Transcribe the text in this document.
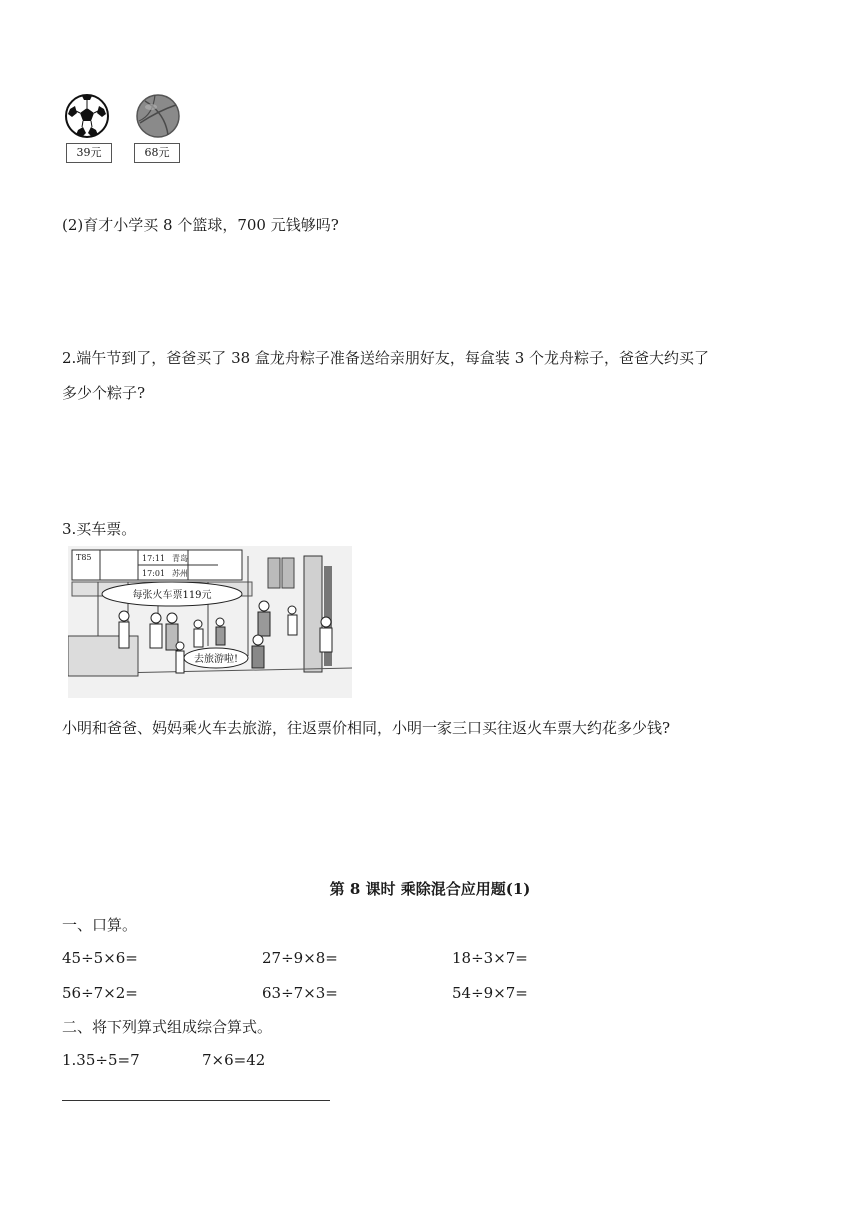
39元	68元
(2)育才小学买 8 个篮球，700 元钱够吗?
2.端午节到了，爸爸买了 38 盒龙舟粽子准备送给亲朋好友，每盒装 3 个龙舟粽子，爸爸大约买了
多少个粽子?
3.买车票。
T85	17:11
17:01
青岛
苏州
每张火车票119元
去旅游啦!
小明和爸爸、妈妈乘火车去旅游，往返票价相同，小明一家三口买往返火车票大约花多少钱?
第 8 课时 乘除混合应用题(1)
一、口算。
45÷5×6=	27÷9×8=	18÷3×7=
56÷7×2=	63÷7×3=	54÷9×7=
二、将下列算式组成综合算式。
1.35÷5=7	7×6=42
